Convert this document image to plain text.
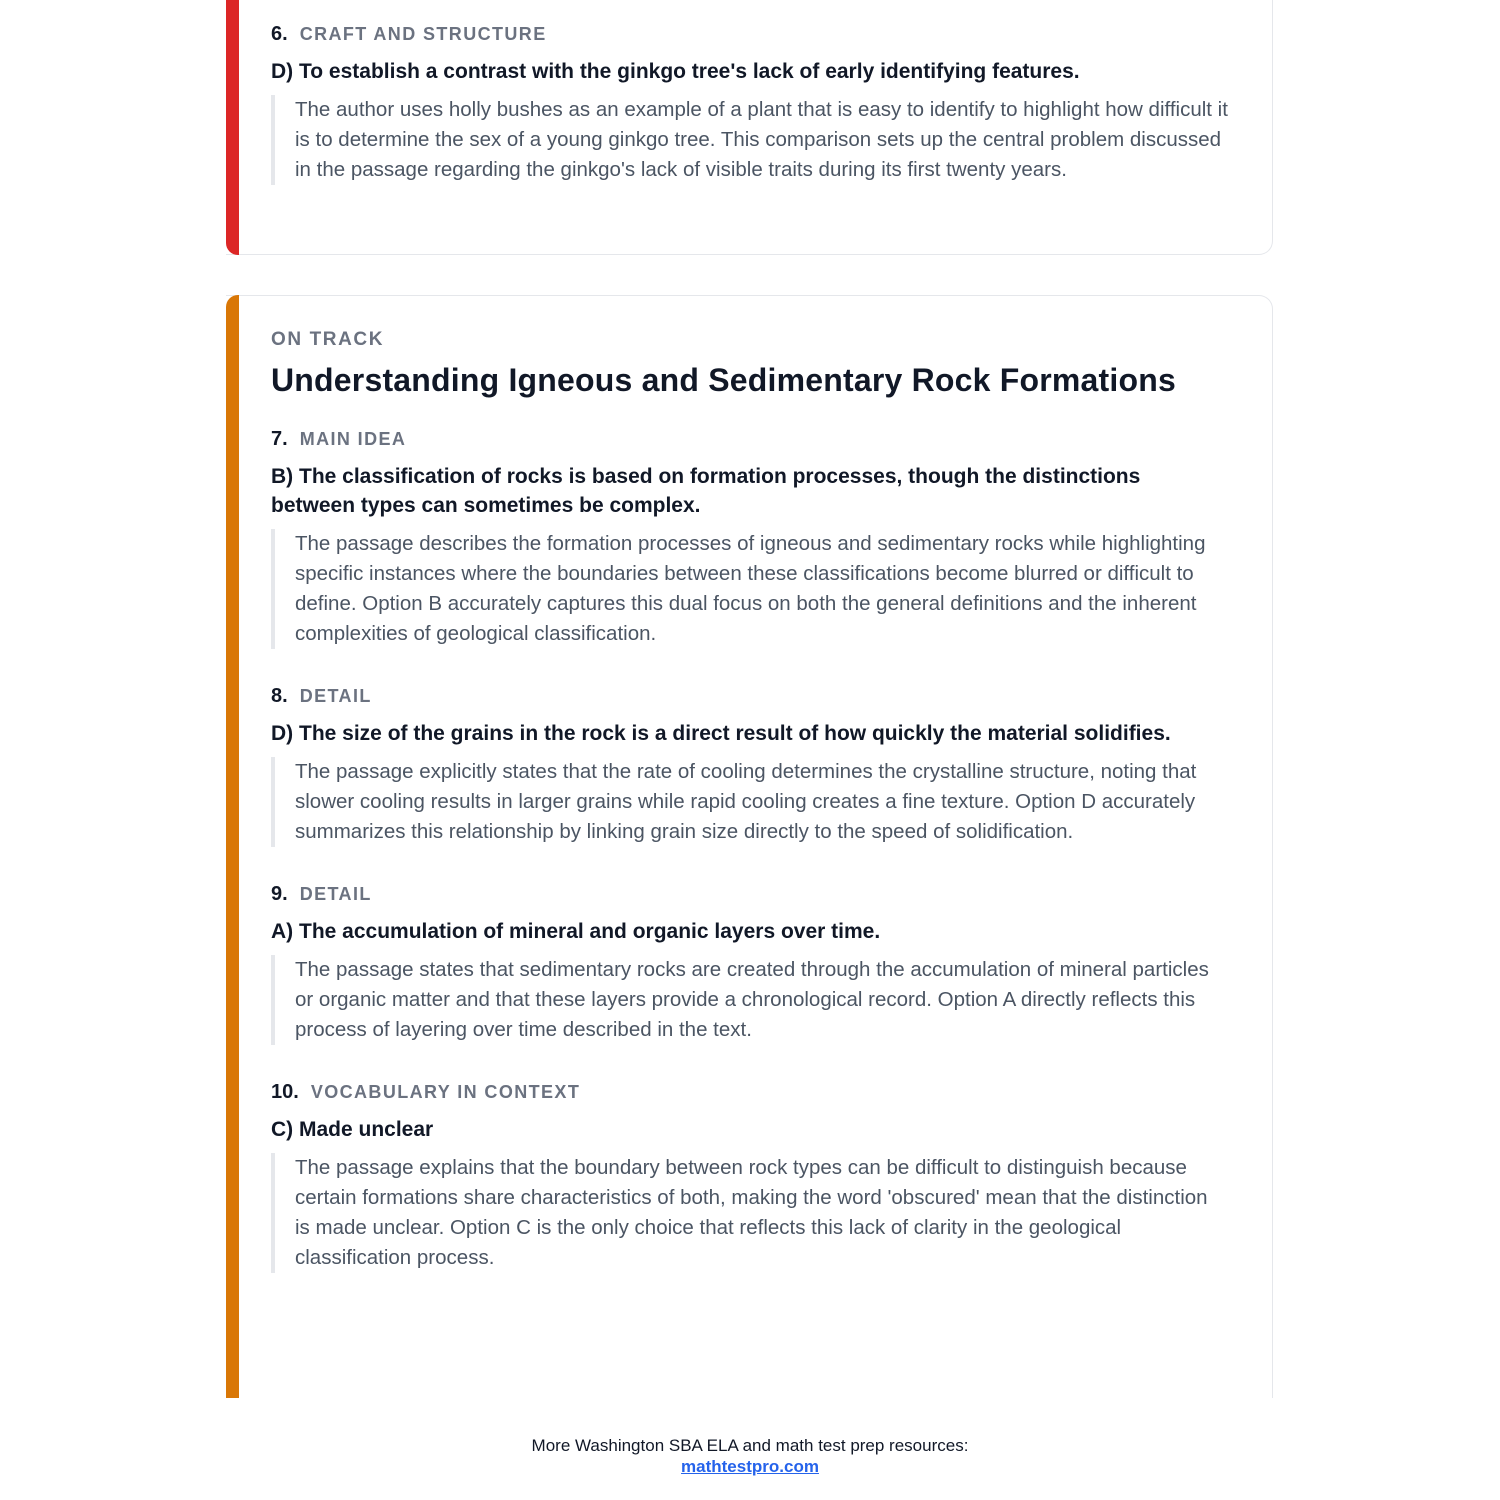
6. CRAFT AND STRUCTURE
D) To establish a contrast with the ginkgo tree's lack of early identifying features.
The author uses holly bushes as an example of a plant that is easy to identify to highlight how difficult it is to determine the sex of a young ginkgo tree. This comparison sets up the central problem discussed in the passage regarding the ginkgo's lack of visible traits during its first twenty years.
ON TRACK
Understanding Igneous and Sedimentary Rock Formations
7. MAIN IDEA
B) The classification of rocks is based on formation processes, though the distinctions between types can sometimes be complex.
The passage describes the formation processes of igneous and sedimentary rocks while highlighting specific instances where the boundaries between these classifications become blurred or difficult to define. Option B accurately captures this dual focus on both the general definitions and the inherent complexities of geological classification.
8. DETAIL
D) The size of the grains in the rock is a direct result of how quickly the material solidifies.
The passage explicitly states that the rate of cooling determines the crystalline structure, noting that slower cooling results in larger grains while rapid cooling creates a fine texture. Option D accurately summarizes this relationship by linking grain size directly to the speed of solidification.
9. DETAIL
A) The accumulation of mineral and organic layers over time.
The passage states that sedimentary rocks are created through the accumulation of mineral particles or organic matter and that these layers provide a chronological record. Option A directly reflects this process of layering over time described in the text.
10. VOCABULARY IN CONTEXT
C) Made unclear
The passage explains that the boundary between rock types can be difficult to distinguish because certain formations share characteristics of both, making the word 'obscured' mean that the distinction is made unclear. Option C is the only choice that reflects this lack of clarity in the geological classification process.
More Washington SBA ELA and math test prep resources:
mathtestpro.com
